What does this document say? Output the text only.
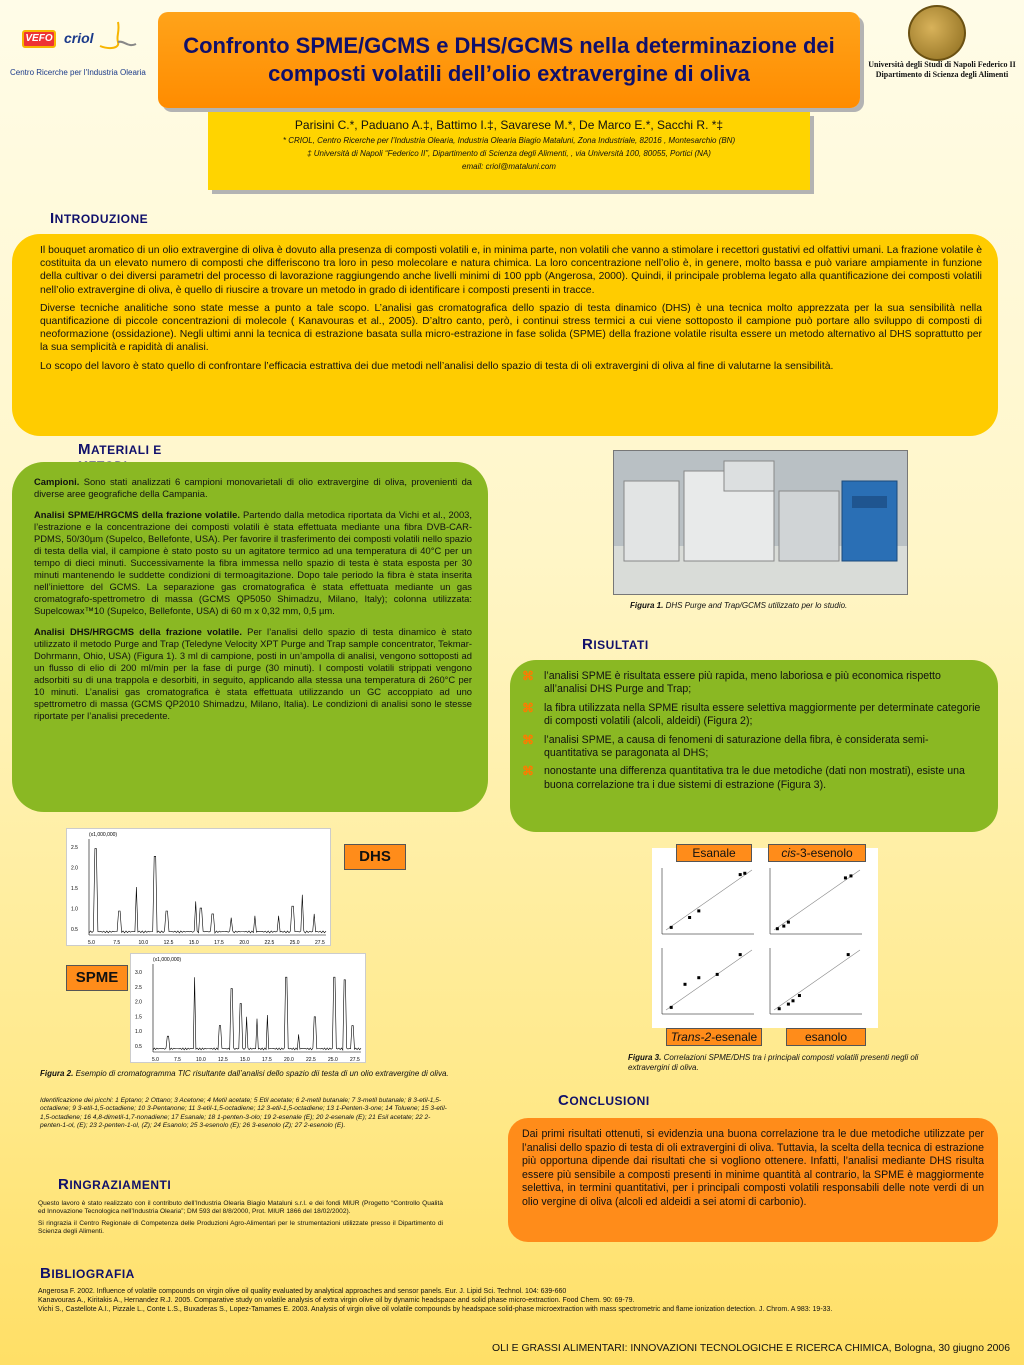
VEFO criol
Centro Ricerche per l'Industria Olearia
Confronto SPME/GCMS e DHS/GCMS nella determinazione dei composti volatili dell’olio extravergine di oliva	Università degli Studi di Napoli Federico II
Dipartimento di Scienza degli Alimenti
Parisini C.*, Paduano A.‡, Battimo I.‡, Savarese M.*, De Marco E.*, Sacchi R. *‡
* CRIOL, Centro Ricerche per l’Industria Olearia, Industria Olearia Biagio Mataluni, Zona Industriale, 82016 , Montesarchio (BN)
‡ Università di Napoli “Federico II”, Dipartimento di Scienza degli Alimenti, , via Università 100, 80055, Portici (NA)
email: criol@mataluni.com
INTRODUZIONE

Il bouquet aromatico di un olio extravergine di oliva è dovuto alla presenza di composti volatili e, in minima parte, non volatili che vanno a stimolare i recettori gustativi ed olfattivi umani. La frazione volatile è costituita da un elevato numero di composti che differiscono tra loro in peso molecolare e natura chimica. La loro concentrazione nell’olio è, in genere, molto bassa e può variare ampiamente in funzione della cultivar o dei diversi parametri del processo di lavorazione raggiungendo anche livelli minimi di 100 ppb (Angerosa, 2000). Quindi, il principale problema legato alla quantificazione dei composti volatili nell’olio extravergine di oliva, è quello di riuscire a trovare un metodo in grado di identificare i composti presenti in tracce.

Diverse tecniche analitiche sono state messe a punto a tale scopo. L’analisi gas cromatografica dello spazio di testa dinamico (DHS) è una tecnica molto apprezzata per la sua sensibilità nella quantificazione di piccole concentrazioni di molecole ( Kanavouras et al., 2005). D’altro canto, però, i continui stress termici a cui viene sottoposto il campione può portare allo sviluppo di composti di neoformazione (ossidazione). Negli ultimi anni la tecnica di estrazione basata sulla micro-estrazione in fase solida (SPME) della frazione volatile risulta essere un metodo alternativo al DHS soprattutto per la sua semplicità e rapidità di analisi.

Lo scopo del lavoro è stato quello di confrontare l’efficacia estrattiva dei due metodi nell’analisi dello spazio di testa di oli extravergini di oliva al fine di valutarne la sensibilità.

MATERIALI E

Campioni. Sono stati analizzati 6 campioni monovarietali di olio extravergine di oliva, provenienti da diverse aree geografiche della Campania.

Analisi SPME/HRGCMS della frazione volatile. Partendo dalla metodica riportata da Vichi et al., 2003, l’estrazione e la concentrazione dei composti volatili è stata effettuata mediante una fibra DVB-CAR-PDMS, 50/30µm (Supelco, Bellefonte, USA). Per favorire il trasferimento dei composti volatili nello spazio di testa della vial, il campione è stato posto su un agitatore termico ad una temperatura di 40°C per un tempo di dieci minuti. Successivamente la fibra immessa nello spazio di testa è stata esposta per 30 minuti mantenendo le suddette condizioni di termoagitazione. Dopo tale periodo la fibra è stata inserita nell’iniettore del GCMS. La separazione gas cromatografica è stata effettuata mediante un gas cromatografo-spettrometro di massa (GCMS QP5050 Shimadzu, Milano, Italy); colonna utilizzata: Supelcowax™10 (Supelco, Bellefonte, USA) di 60 m x 0,32 mm, 0,5 µm.

Analisi DHS/HRGCMS della frazione volatile. Per l’analisi dello spazio di testa dinamico è stato utilizzato il metodo Purge and Trap (Teledyne Velocity XPT Purge and Trap sample concentrator, Tekmar-Dohrmann, Ohio, USA) (Figura 1). 3 ml di campione, posti in un’ampolla di analisi, vengono sottoposti ad un flusso di elio di 200 ml/min per la fase di purge (30 minuti). I composti volatili strippati vengono adsorbiti su di una trappola e desorbiti, in seguito, applicando alla stessa una temperatura di 260°C per 10 minuti. L’analisi gas cromatografica è stata effettuata utilizzando un GC accoppiato ad uno spettrometro di massa (GCMS QP2010 Shimadzu, Milano, Italia). Le condizioni di analisi sono le stesse riportate per l’analisi precedente.

Figura 1. DHS Purge and Trap/GCMS utilizzato per lo studio.
RISULTATI
⌘ l’analisi SPME è risultata essere più rapida, meno laboriosa e più economica rispetto all’analisi DHS Purge and Trap;
⌘ la fibra utilizzata nella SPME risulta essere selettiva maggiormente per determinate categorie di composti volatili (alcoli, aldeidi) (Figura 2);
⌘ l’analisi SPME, a causa di fenomeni di saturazione della fibra, è considerata semi-quantitativa se paragonata al DHS;
⌘ nonostante una differenza quantitativa tra le due metodiche (dati non mostrati), esiste una buona correlazione tra i due sistemi di estrazione (Figura 3).
(x1,000,000)
2.5
2.0
1.5
1.0
0.5
5.0	7.5	10.0	12.5	15.0	17.5	20.0	22.5	25.0	27.5
DHS
(x1,000,000)
3.0
2.5
2.0
1.5
1.0
0.5
5.0	7.5	10.0 12.5 15.0 17.5 20.0 22.5 25.0 27.5
SPME
Figura 2. Esempio di cromatogramma TIC risultante dall’analisi dello spazio dii testa di un olio extravergine di oliva.
Identificazione dei picchi: 1 Eptano; 2 Ottano; 3 Acetone; 4 Metil acetate; 5 Etil acetate; 6 2-metil butanale; 7 3-metil butanale; 8 3-etil-1,5-octadiene; 9 3-etil-1,5-octadiene; 10 3-Pentanone; 11 3-etil-1,5-octadiene; 12 3-etil-1,5-octadiene; 13 1-Penten-3-one; 14 Toluene; 15 3-etil-1,5-octadiene; 16 4,8-dimetil-1,7-nonadiene; 17 Esanale; 18 1-penten-3-olo; 19 2-esenale (E); 20 2-esenale (E); 21 Esil acetate; 22 2-penten-1-ol, (E); 23 2-penten-1-ol, (Z); 24 Esanolo; 25 3-esenolo (E); 26 3-esenolo (Z); 27 2-esenolo (E).
Esanale	cis-3-esenolo
Trans-2-esenale	esanolo
Figura 3. Correlazioni SPME/DHS tra i principali composti volatili presenti negli oli extravergini di oliva.
CONCLUSIONI
Dai primi risultati ottenuti, si evidenzia una buona correlazione tra le due metodiche utilizzate per l’analisi dello spazio di testa di oli extravergini di oliva. Tuttavia, la scelta della tecnica di estrazione più opportuna dipende dai risultati che si vogliono ottenere. Infatti, l’analisi mediante DHS risulta essere più sensibile a composti presenti in minime quantità al contrario, la SPME è maggiormente selettiva, in termini quantitativi, per i principali composti volatili responsabili delle note verdi di un olio vergine di oliva (alcoli ed aldeidi a sei atomi di carbonio).
RINGRAZIAMENTI

Questo lavoro è stato realizzato con il contributo dell’Industria Olearia Biagio Mataluni s.r.l. e dei fondi MIUR (Progetto “Controllo Qualità ed Innovazione Tecnologica nell’Industria Olearia”; DM 593 del 8/8/2000, Prot. MIUR 1866 del 18/02/2002).

Si ringrazia il Centro Regionale di Competenza delle Produzioni Agro-Alimentari per le strumentazioni utilizzate presso il Dipartimento di Scienza degli Alimenti.

BIBLIOGRAFIA
Angerosa F. 2002. Influence of volatile compounds on virgin olive oil quality evaluated by analytical approaches and sensor panels. Eur. J. Lipid Sci. Technol. 104: 639-660
Kanavouras A., Kiritakis A., Hernandez R.J. 2005. Comparative study on volatile analysis of extra virgin olive oil by dynamic headspace and solid phase micro-extraction. Food Chem. 90: 69-79.
Vichi S., Castellote A.I., Pizzale L., Conte L.S., Buxaderas S., Lopez-Tamames E. 2003. Analysis of virgin olive oil volatile compounds by headspace solid-phase microextraction with mass spectrometric and flame ionization detection. J. Chrom. A 983: 19-33.
OLI E GRASSI ALIMENTARI: INNOVAZIONI TECNOLOGICHE E RICERCA CHIMICA, Bologna, 30 giugno 2006
